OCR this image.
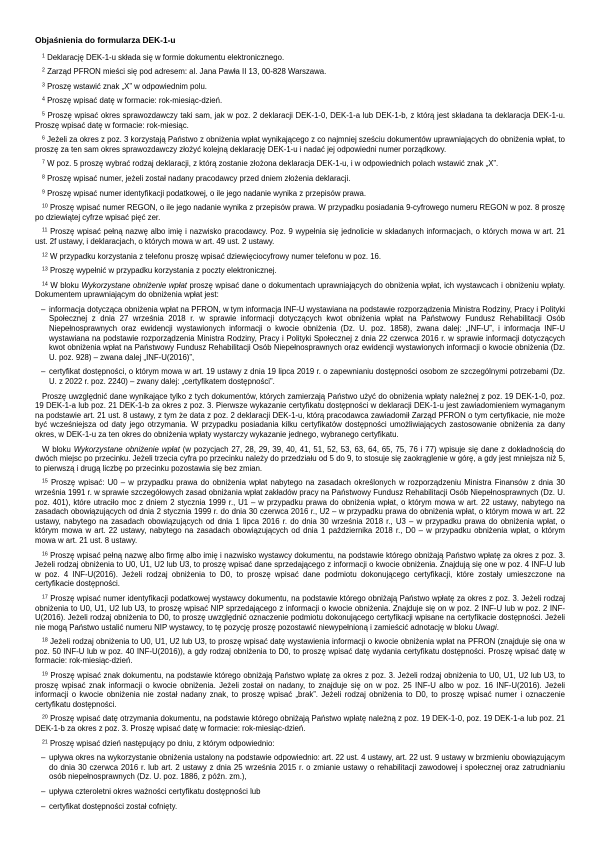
Objaśnienia do formularza DEK-1-u

$^1$ Deklarację DEK-1-u składa się w formie dokumentu elektronicznego.

$^2$ Zarząd PFRON mieści się pod adresem: al. Jana Pawła II 13, 00-828 Warszawa.

$^3$ Proszę wstawić znak „X” w odpowiednim polu.

$^4$ Proszę wpisać datę w formacie: rok-miesiąc-dzień.

$^5$ Proszę wpisać okres sprawozdawczy taki sam, jak w poz. 2 deklaracji DEK-1-0, DEK-1-a lub DEK-1-b, z którą jest składana ta deklaracja DEK-1-u. Proszę wpisać datę w formacie: rok-miesiąc.

$^6$ Jeżeli za okres z poz. 3 korzystają Państwo z obniżenia wpłat wynikającego z co najmniej sześciu dokumentów uprawniających do obniżenia wpłat, to proszę za ten sam okres sprawozdawczy złożyć kolejną deklarację DEK-1-u i nadać jej odpowiedni numer porządkowy.

$^7$ W poz. 5 proszę wybrać rodzaj deklaracji, z którą zostanie złożona deklaracja DEK-1-u, i w odpowiednich polach wstawić znak „X”.

$^8$ Proszę wpisać numer, jeżeli został nadany pracodawcy przed dniem złożenia deklaracji.

$^9$ Proszę wpisać numer identyfikacji podatkowej, o ile jego nadanie wynika z przepisów prawa.

$^{10}$ Proszę wpisać numer REGON, o ile jego nadanie wynika z przepisów prawa. W przypadku posiadania 9-cyfrowego numeru REGON w poz. 8 proszę po dziewiątej cyfrze wpisać pięć zer.

$^{11}$ Proszę wpisać pełną nazwę albo imię i nazwisko pracodawcy. Poz. 9 wypełnia się jednolicie w składanych informacjach, o których mowa w art. 21 ust. 2f ustawy, i deklaracjach, o których mowa w art. 49 ust. 2 ustawy.

$^{12}$ W przypadku korzystania z telefonu proszę wpisać dziewięciocyfrowy numer telefonu w poz. 16.

$^{13}$ Proszę wypełnić w przypadku korzystania z poczty elektronicznej.

$^{14}$ W bloku Wykorzystane obniżenie wpłat proszę wpisać dane o dokumentach uprawniających do obniżenia wpłat, ich wystawcach i obniżeniu wpłaty. Dokumentem uprawniającym do obniżenia wpłat jest:

– informacja dotycząca obniżenia wpłat na PFRON, w tym informacja INF-U wystawiana na podstawie rozporządzenia Ministra Rodziny, Pracy i Polityki Społecznej z dnia 27 września 2018 r. w sprawie informacji dotyczących kwot obniżenia wpłat na Państwowy Fundusz Rehabilitacji Osób Niepełnosprawnych oraz ewidencji wystawionych informacji o kwocie obniżenia (Dz. U. poz. 1858), zwana dalej: „INF-U”, i informacja INF-U wystawiana na podstawie rozporządzenia Ministra Rodziny, Pracy i Polityki Społecznej z dnia 22 czerwca 2016 r. w sprawie informacji dotyczących kwot obniżenia wpłat na Państwowy Fundusz Rehabilitacji Osób Niepełnosprawnych oraz ewidencji wystawionych informacji o kwocie obniżenia (Dz. U. poz. 928) – zwana dalej „INF-U(2016)”,

– certyfikat dostępności, o którym mowa w art. 19 ustawy z dnia 19 lipca 2019 r. o zapewnianiu dostępności osobom ze szczególnymi potrzebami (Dz. U. z 2022 r. poz. 2240) – zwany dalej: „certyfikatem dostępności”.

Proszę uwzględnić dane wynikające tylko z tych dokumentów, których zamierzają Państwo użyć do obniżenia wpłaty należnej z poz. 19 DEK-1-0, poz. 19 DEK-1-a lub poz. 21 DEK-1-b za okres z poz. 3. Pierwsze wykazanie certyfikatu dostępności w deklaracji DEK-1-u jest zawiadomieniem wymaganym na podstawie art. 21 ust. 8 ustawy, z tym że data z poz. 2 deklaracji DEK-1-u, którą pracodawca zawiadomił Zarząd PFRON o tym certyfikacie, nie może być wcześniejsza od daty jego otrzymania. W przypadku posiadania kilku certyfikatów dostępności umożliwiających zastosowanie obniżenia za dany okres, w DEK-1-u za ten okres do obniżenia wpłaty wystarczy wykazanie jednego, wybranego certyfikatu.

W bloku Wykorzystane obniżenie wpłat (w pozycjach 27, 28, 29, 39, 40, 41, 51, 52, 53, 63, 64, 65, 75, 76 i 77) wpisuje się dane z dokładnością do dwóch miejsc po przecinku. Jeżeli trzecia cyfra po przecinku należy do przedziału od 5 do 9, to stosuje się zaokrąglenie w górę, a gdy jest mniejsza niż 5, to pierwszą i drugą liczbę po przecinku pozostawia się bez zmian.

$^{15}$ Proszę wpisać: U0 – w przypadku prawa do obniżenia wpłat nabytego na zasadach określonych w rozporządzeniu Ministra Finansów z dnia 30 września 1991 r. w sprawie szczegółowych zasad obniżania wpłat zakładów pracy na Państwowy Fundusz Rehabilitacji Osób Niepełnosprawnych (Dz. U. poz. 401), które utraciło moc z dniem 2 stycznia 1999 r., U1 – w przypadku prawa do obniżenia wpłat, o którym mowa w art. 22 ustawy, nabytego na zasadach obowiązujących od dnia 2 stycznia 1999 r. do dnia 30 czerwca 2016 r., U2 – w przypadku prawa do obniżenia wpłat, o którym mowa w art. 22 ustawy, nabytego na zasadach obowiązujących od dnia 1 lipca 2016 r. do dnia 30 września 2018 r., U3 – w przypadku prawa do obniżenia wpłat, o którym mowa w art. 22 ustawy, nabytego na zasadach obowiązujących od dnia 1 października 2018 r., D0 – w przypadku obniżenia wpłat, o którym mowa w art. 21 ust. 8 ustawy.

$^{16}$ Proszę wpisać pełną nazwę albo firmę albo imię i nazwisko wystawcy dokumentu, na podstawie którego obniżają Państwo wpłatę za okres z poz. 3. Jeżeli rodzaj obniżenia to U0, U1, U2 lub U3, to proszę wpisać dane sprzedającego z informacji o kwocie obniżenia. Znajdują się one w poz. 4 INF-U lub w poz. 4 INF-U(2016). Jeżeli rodzaj obniżenia to D0, to proszę wpisać dane podmiotu dokonującego certyfikacji, które zostały umieszczone na certyfikacie dostępności.

$^{17}$ Proszę wpisać numer identyfikacji podatkowej wystawcy dokumentu, na podstawie którego obniżają Państwo wpłatę za okres z poz. 3. Jeżeli rodzaj obniżenia to U0, U1, U2 lub U3, to proszę wpisać NIP sprzedającego z informacji o kwocie obniżenia. Znajduje się on w poz. 2 INF-U lub w poz. 2 INF-U(2016). Jeżeli rodzaj obniżenia to D0, to proszę uwzględnić oznaczenie podmiotu dokonującego certyfikacji wpisane na certyfikacie dostępności. Jeżeli nie mogą Państwo ustalić numeru NIP wystawcy, to tę pozycję proszę pozostawić niewypełnioną i zamieścić adnotację w bloku Uwagi.

$^{18}$ Jeżeli rodzaj obniżenia to U0, U1, U2 lub U3, to proszę wpisać datę wystawienia informacji o kwocie obniżenia wpłat na PFRON (znajduje się ona w poz. 50 INF-U lub w poz. 40 INF-U(2016)), a gdy rodzaj obniżenia to D0, to proszę wpisać datę wydania certyfikatu dostępności. Proszę wpisać datę w formacie: rok-miesiąc-dzień.

$^{19}$ Proszę wpisać znak dokumentu, na podstawie którego obniżają Państwo wpłatę za okres z poz. 3. Jeżeli rodzaj obniżenia to U0, U1, U2 lub U3, to proszę wpisać znak informacji o kwocie obniżenia. Jeżeli został on nadany, to znajduje się on w poz. 25 INF-U albo w poz. 16 INF-U(2016). Jeżeli informacji o kwocie obniżenia nie został nadany znak, to proszę wpisać „brak”. Jeżeli rodzaj obniżenia to D0, to proszę wpisać numer i oznaczenie certyfikatu dostępności.

$^{20}$ Proszę wpisać datę otrzymania dokumentu, na podstawie którego obniżają Państwo wpłatę należną z poz. 19 DEK-1-0, poz. 19 DEK-1-a lub poz. 21 DEK-1-b za okres z poz. 3. Proszę wpisać datę w formacie: rok-miesiąc-dzień.

$^{21}$ Proszę wpisać dzień następujący po dniu, z którym odpowiednio:

– upływa okres na wykorzystanie obniżenia ustalony na podstawie odpowiednio: art. 22 ust. 4 ustawy, art. 22 ust. 9 ustawy w brzmieniu obowiązującym do dnia 30 czerwca 2016 r. lub art. 2 ustawy z dnia 25 września 2015 r. o zmianie ustawy o rehabilitacji zawodowej i społecznej oraz zatrudnianiu osób niepełnosprawnych (Dz. U. poz. 1886, z późn. zm.),

– upływa czteroletni okres ważności certyfikatu dostępności lub

– certyfikat dostępności został cofnięty.
